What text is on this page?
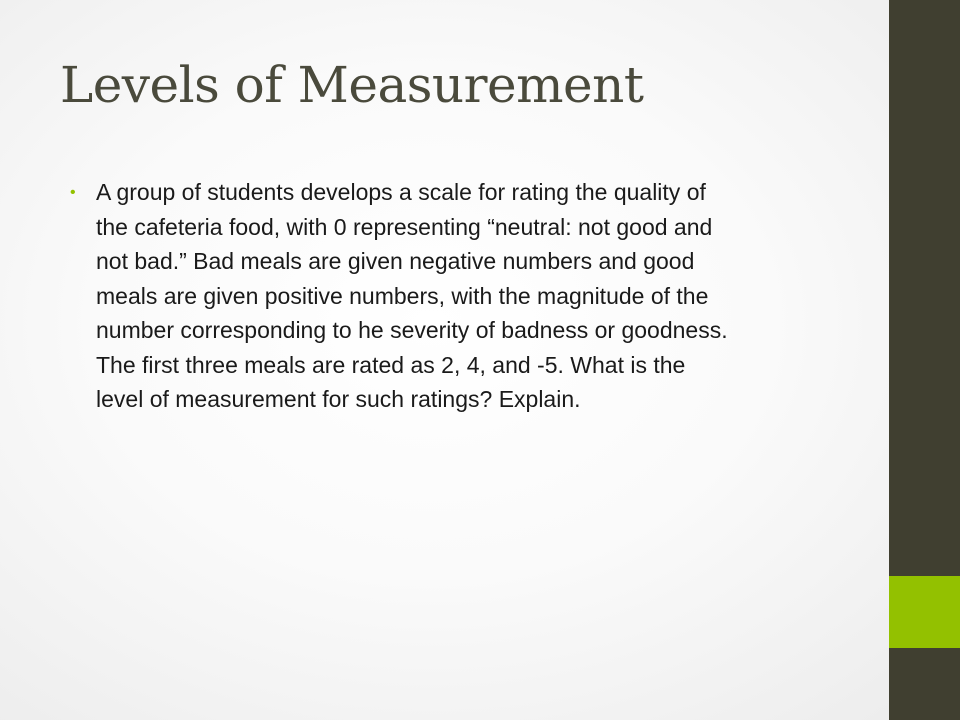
Levels of Measurement
• A group of students develops a scale for rating the quality of
the cafeteria food, with 0 representing “neutral: not good and
not bad.” Bad meals are given negative numbers and good
meals are given positive numbers, with the magnitude of the
number corresponding to he severity of badness or goodness.
The first three meals are rated as 2, 4, and -5. What is the
level of measurement for such ratings? Explain.
